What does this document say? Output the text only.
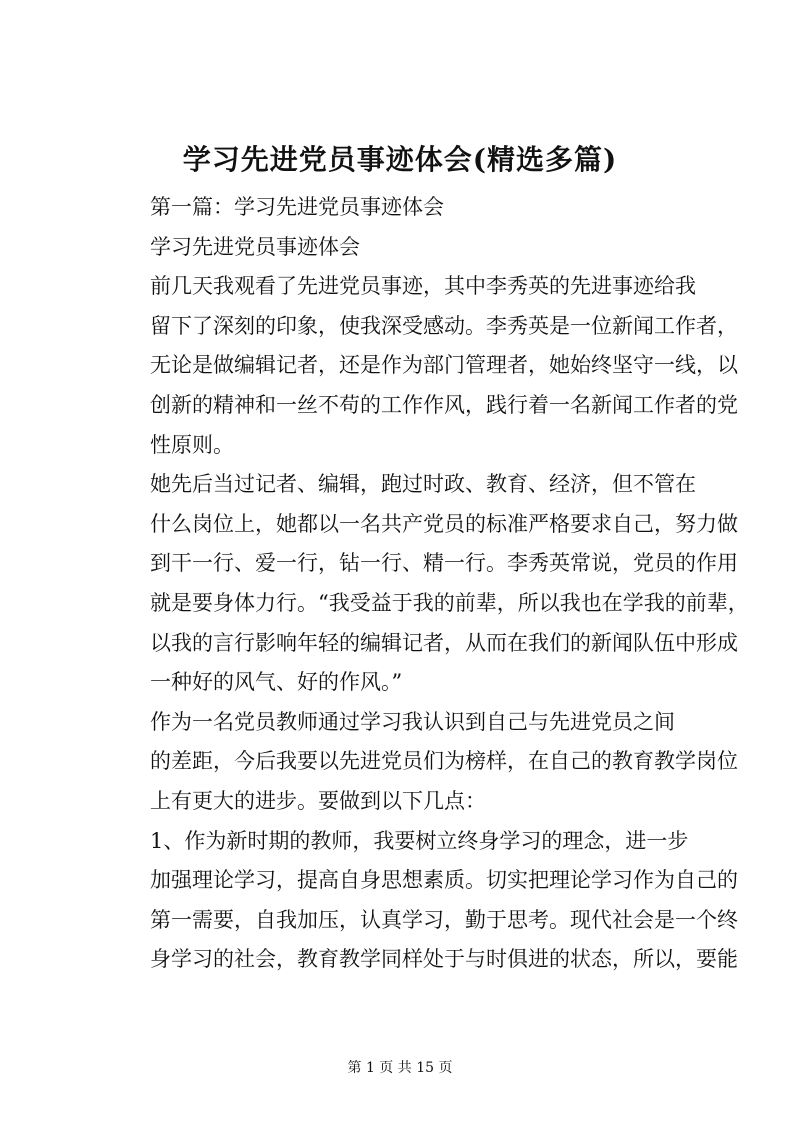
学习先进党员事迹体会(精选多篇)

第一篇：学习先进党员事迹体会

学习先进党员事迹体会

前几天我观看了先进党员事迹，其中李秀英的先进事迹给我
留下了深刻的印象，使我深受感动。李秀英是一位新闻工作者，
无论是做编辑记者，还是作为部门管理者，她始终坚守一线，以
创新的精神和一丝不苟的工作作风，践行着一名新闻工作者的党
性原则。

她先后当过记者、编辑，跑过时政、教育、经济，但不管在
什么岗位上，她都以一名共产党员的标准严格要求自己，努力做
到干一行、爱一行，钻一行、精一行。李秀英常说，党员的作用
就是要身体力行。“我受益于我的前辈，所以我也在学我的前辈，
以我的言行影响年轻的编辑记者，从而在我们的新闻队伍中形成
一种好的风气、好的作风。”

作为一名党员教师通过学习我认识到自己与先进党员之间
的差距，今后我要以先进党员们为榜样，在自己的教育教学岗位
上有更大的进步。要做到以下几点：

1、作为新时期的教师，我要树立终身学习的理念，进一步
加强理论学习，提高自身思想素质。切实把理论学习作为自己的
第一需要，自我加压，认真学习，勤于思考。现代社会是一个终
身学习的社会，教育教学同样处于与时俱进的状态，所以，要能

第 1 页 共 15 页
